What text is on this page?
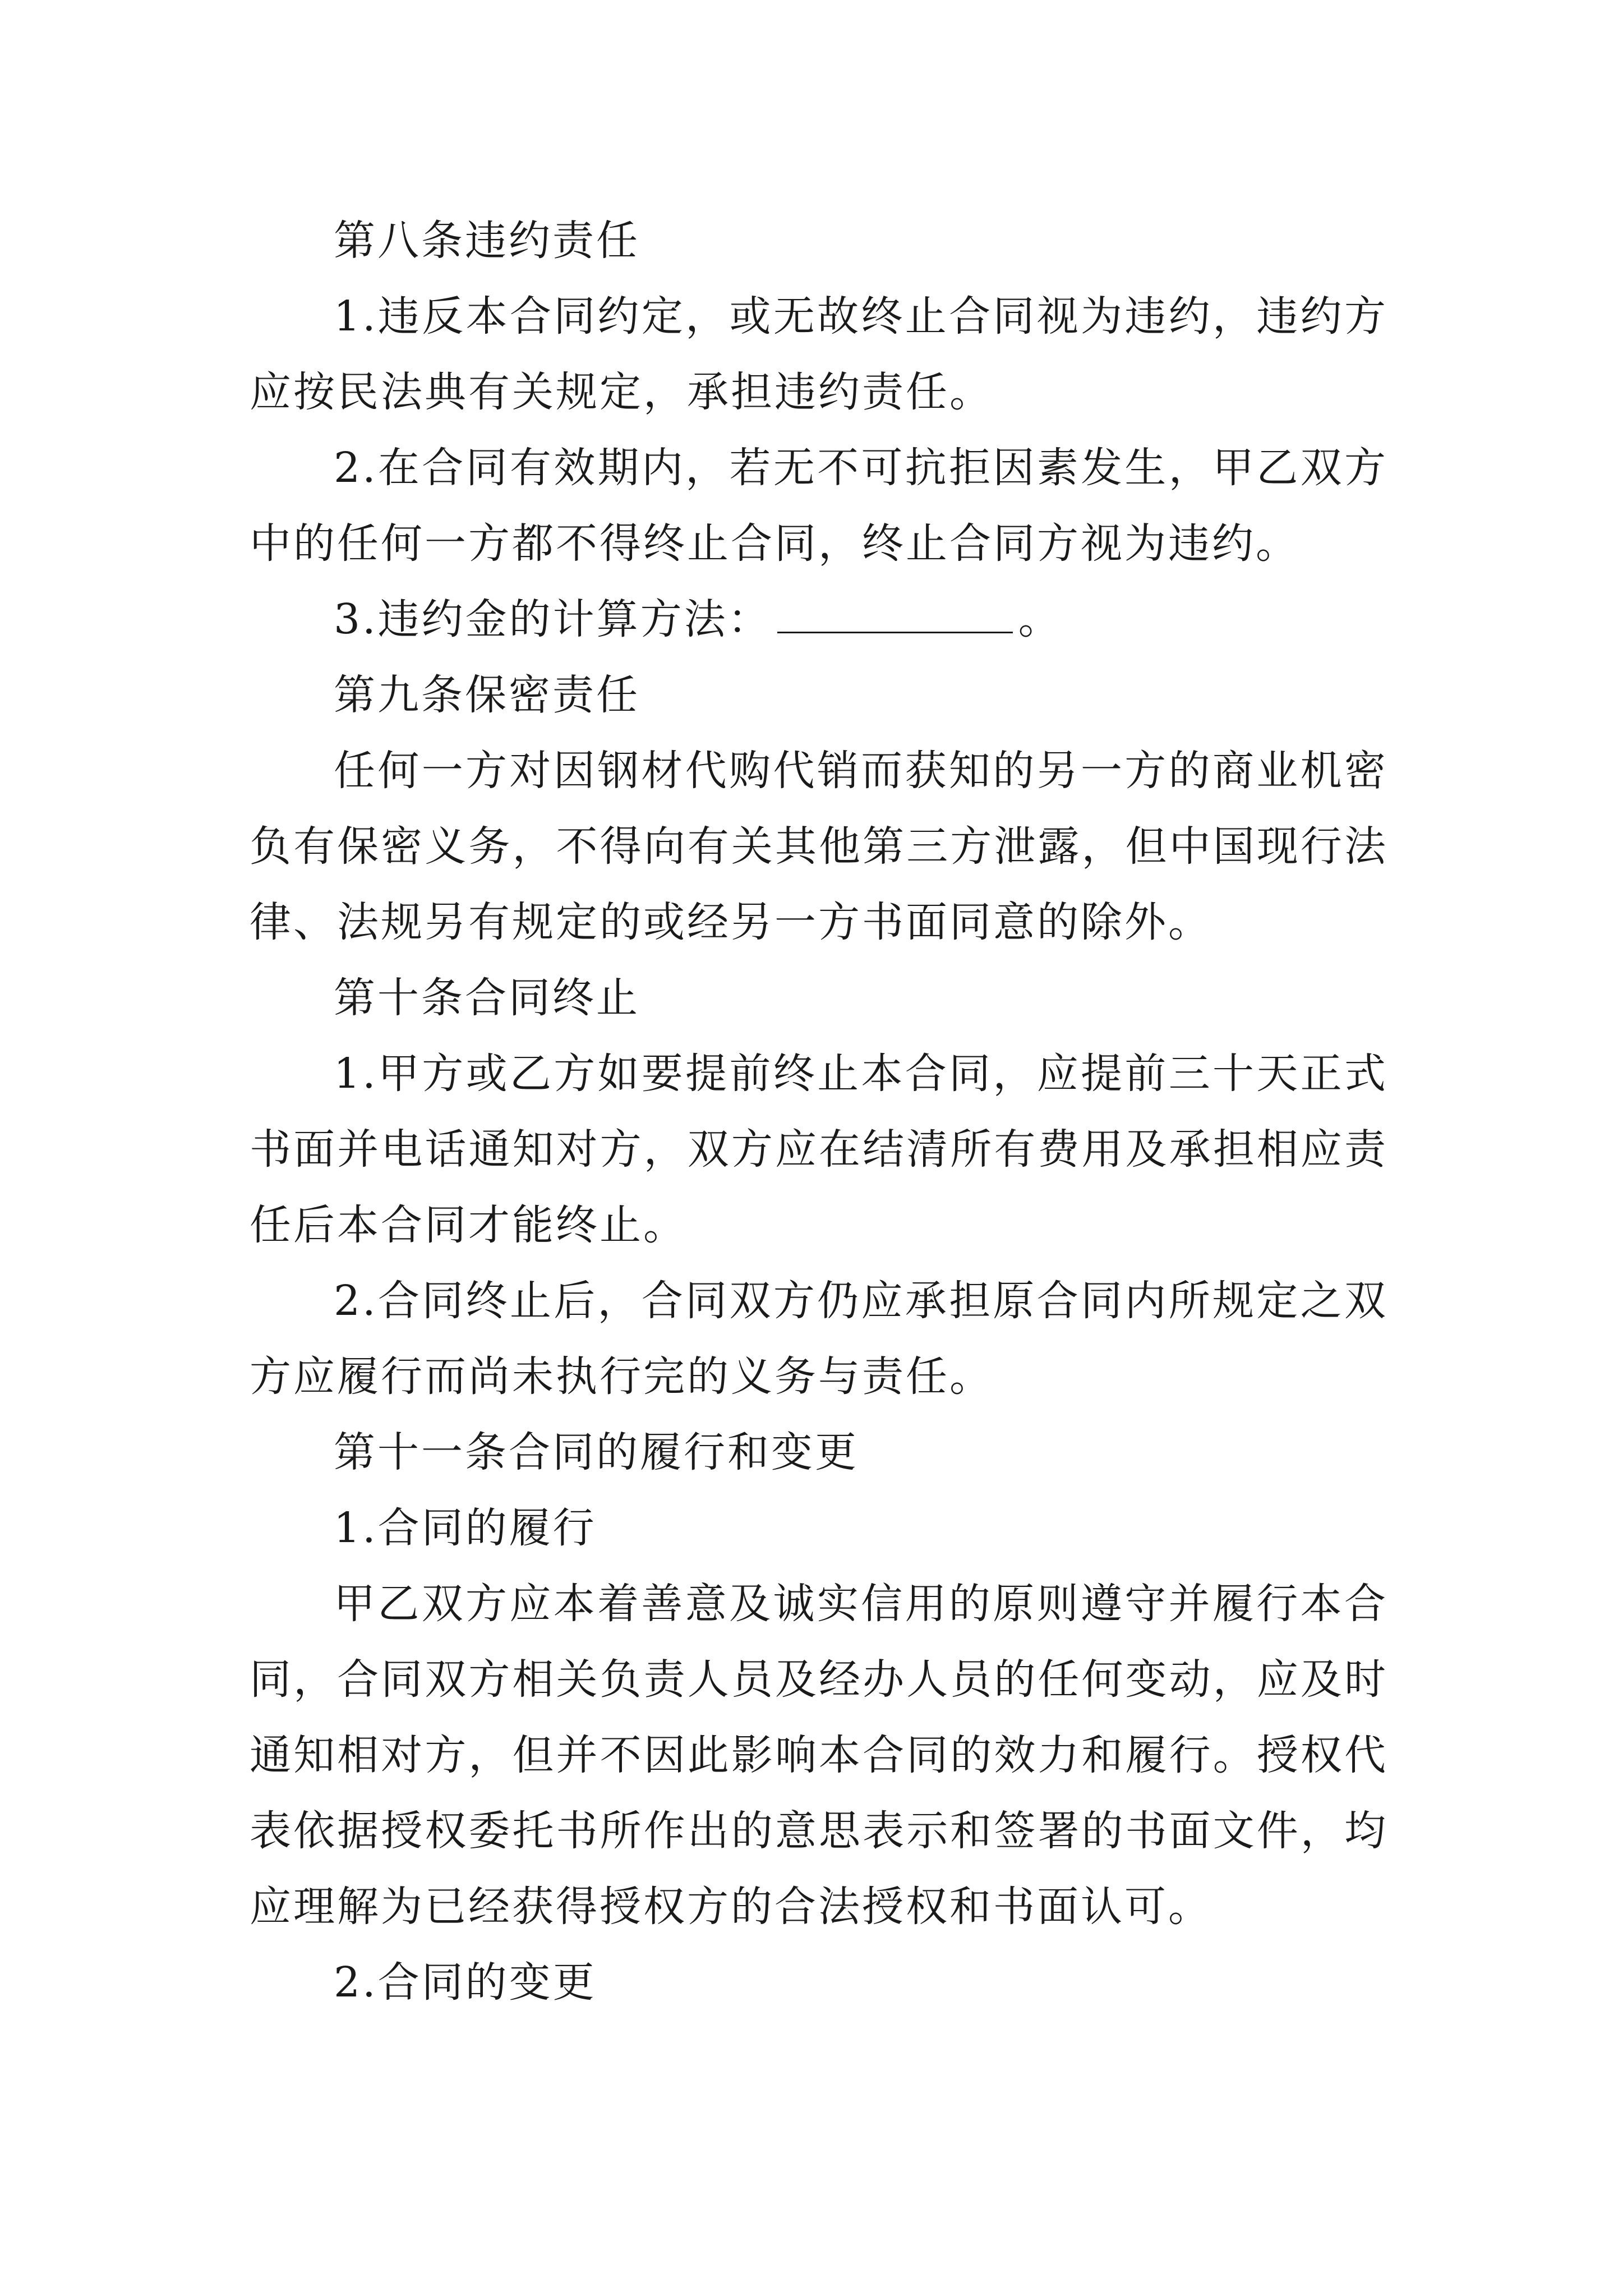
第八条违约责任

1.违反本合同约定，或无故终止合同视为违约，违约方应按民法典有关规定，承担违约责任。

2.在合同有效期内，若无不可抗拒因素发生，甲乙双方中的任何一方都不得终止合同，终止合同方视为违约。

3.违约金的计算方法：	。

第九条保密责任

任何一方对因钢材代购代销而获知的另一方的商业机密负有保密义务，不得向有关其他第三方泄露，但中国现行法律、法规另有规定的或经另一方书面同意的除外。

第十条合同终止

1.甲方或乙方如要提前终止本合同，应提前三十天正式书面并电话通知对方，双方应在结清所有费用及承担相应责任后本合同才能终止。

2.合同终止后，合同双方仍应承担原合同内所规定之双方应履行而尚未执行完的义务与责任。

第十一条合同的履行和变更

1.合同的履行

甲乙双方应本着善意及诚实信用的原则遵守并履行本合同，合同双方相关负责人员及经办人员的任何变动，应及时通知相对方，但并不因此影响本合同的效力和履行。授权代表依据授权委托书所作出的意思表示和签署的书面文件，均应理解为已经获得授权方的合法授权和书面认可。

2.合同的变更
